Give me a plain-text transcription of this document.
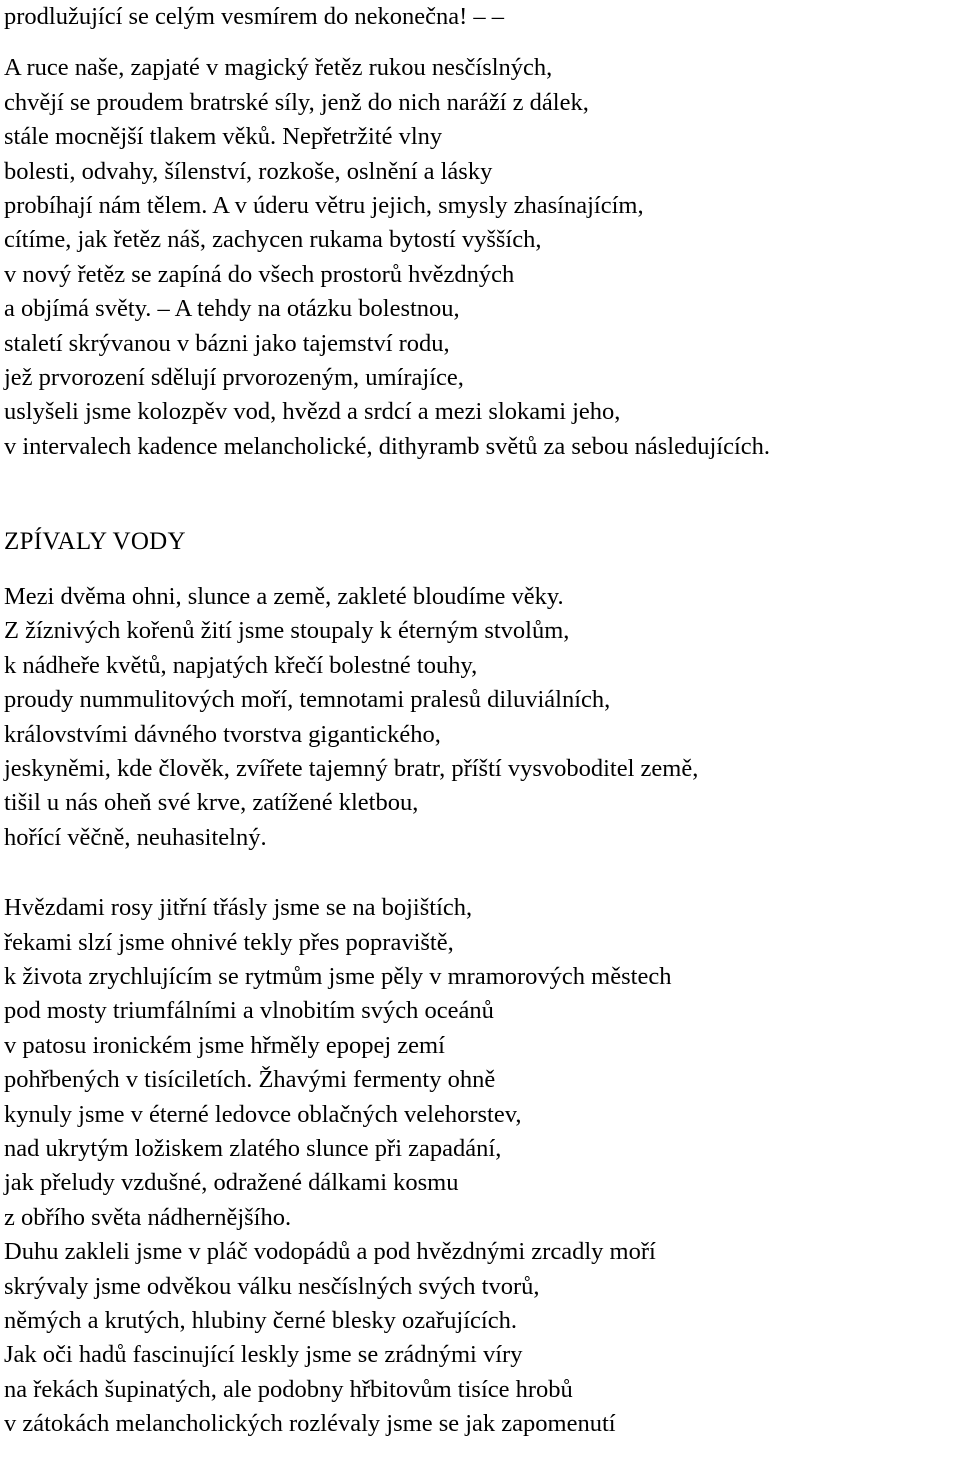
prodlužující se celým vesmírem do nekonečna! – –
A ruce naše, zapjaté v magický řetěz rukou nesčíslných,
chvějí se proudem bratrské síly, jenž do nich naráží z dálek,
stále mocnější tlakem věků. Nepřetržité vlny
bolesti, odvahy, šílenství, rozkoše, oslnění a lásky
probíhají nám tělem. A v úderu větru jejich, smysly zhasínajícím,
cítíme, jak řetěz náš, zachycen rukama bytostí vyšších,
v nový řetěz se zapíná do všech prostorů hvězdných
a objímá světy. – A tehdy na otázku bolestnou,
staletí skrývanou v bázni jako tajemství rodu,
jež prvorození sdělují prvorozeným, umírajíce,
uslyšeli jsme kolozpěv vod, hvězd a srdcí a mezi slokami jeho,
v intervalech kadence melancholické, dithyramb světů za sebou následujících.
ZPÍVALY VODY
Mezi dvěma ohni, slunce a země, zakleté bloudíme věky.
Z žíznivých kořenů žití jsme stoupaly k éterným stvolům,
k nádheře květů, napjatých křečí bolestné touhy,
proudy nummulitových moří, temnotami pralesů diluviálních,
královstvími dávného tvorstva gigantického,
jeskyněmi, kde člověk, zvířete tajemný bratr, příští vysvoboditel země,
tišil u nás oheň své krve, zatížené kletbou,
hořící věčně, neuhasitelný.
Hvězdami rosy jitřní třásly jsme se na bojištích,
řekami slzí jsme ohnivé tekly přes popraviště,
k života zrychlujícím se rytmům jsme pěly v mramorových městech
pod mosty triumfálními a vlnobitím svých oceánů
v patosu ironickém jsme hřměly epopej zemí
pohřbených v tisíciletích. Žhavými fermenty ohně
kynuly jsme v éterné ledovce oblačných velehorstev,
nad ukrytým ložiskem zlatého slunce při zapadání,
jak přeludy vzdušné, odražené dálkami kosmu
z obřího světa nádhernějšího.
Duhu zakleli jsme v pláč vodopádů a pod hvězdnými zrcadly moří
skrývaly jsme odvěkou válku nesčíslných svých tvorů,
němých a krutých, hlubiny černé blesky ozařujících.
Jak oči hadů fascinující leskly jsme se zrádnými víry
na řekách šupinatých, ale podobny hřbitovům tisíce hrobů
v zátokách melancholických rozlévaly jsme se jak zapomenutí
